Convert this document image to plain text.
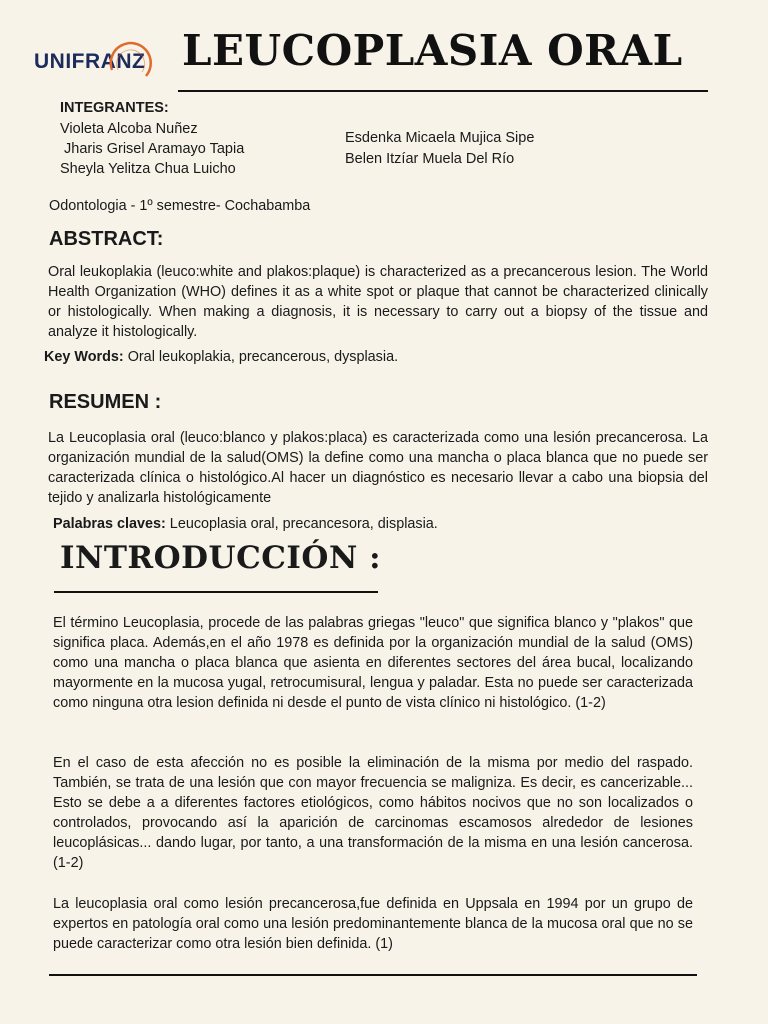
UNIFRANZ LEUCOPLASIA ORAL
INTEGRANTES:
Violeta Alcoba Nuñez
Jharis Grisel Aramayo Tapia
Sheyla Yelitza Chua Luicho
Esdenka Micaela Mujica Sipe
Belen Itzíar Muela Del Río
Odontologia - 1º semestre- Cochabamba
ABSTRACT:
Oral leukoplakia (leuco:white and plakos:plaque) is characterized as a precancerous lesion. The World Health Organization (WHO) defines it as a white spot or plaque that cannot be characterized clinically or histologically. When making a diagnosis, it is necessary to carry out a biopsy of the tissue and analyze it histologically.
Key Words: Oral leukoplakia, precancerous, dysplasia.
RESUMEN :
La Leucoplasia oral (leuco:blanco y plakos:placa) es caracterizada como una lesión precancerosa. La organización mundial de la salud(OMS) la define como una mancha o placa blanca que no puede ser caracterizada clínica o histológico.Al hacer un diagnóstico es necesario llevar a cabo una biopsia del tejido y analizarla histológicamente
Palabras claves: Leucoplasia oral, precancesora, displasia.
INTRODUCCIÓN :
El término Leucoplasia, procede de las palabras griegas "leuco" que significa blanco y "plakos" que significa placa. Además,en el año 1978 es definida por la organización mundial de la salud (OMS) como una mancha o placa blanca que asienta en diferentes sectores del área bucal, localizando mayormente en la mucosa yugal, retrocumisural, lengua y paladar. Esta no puede ser caracterizada como ninguna otra lesion definida ni desde el punto de vista clínico ni histológico. (1-2)
En el caso de esta afección no es posible la eliminación de la misma por medio del raspado. También, se trata de una lesión que con mayor frecuencia se maligniza. Es decir, es cancerizable... Esto se debe a a diferentes factores etiológicos, como hábitos nocivos que no son localizados o controlados, provocando así la aparición de carcinomas escamosos alrededor de lesiones leucoplásicas... dando lugar, por tanto, a una transformación de la misma en una lesión cancerosa. (1-2)
La leucoplasia oral como lesión precancerosa,fue definida en Uppsala en 1994 por un grupo de expertos en patología oral como una lesión predominantemente blanca de la mucosa oral que no se puede caracterizar como otra lesión bien definida. (1)
